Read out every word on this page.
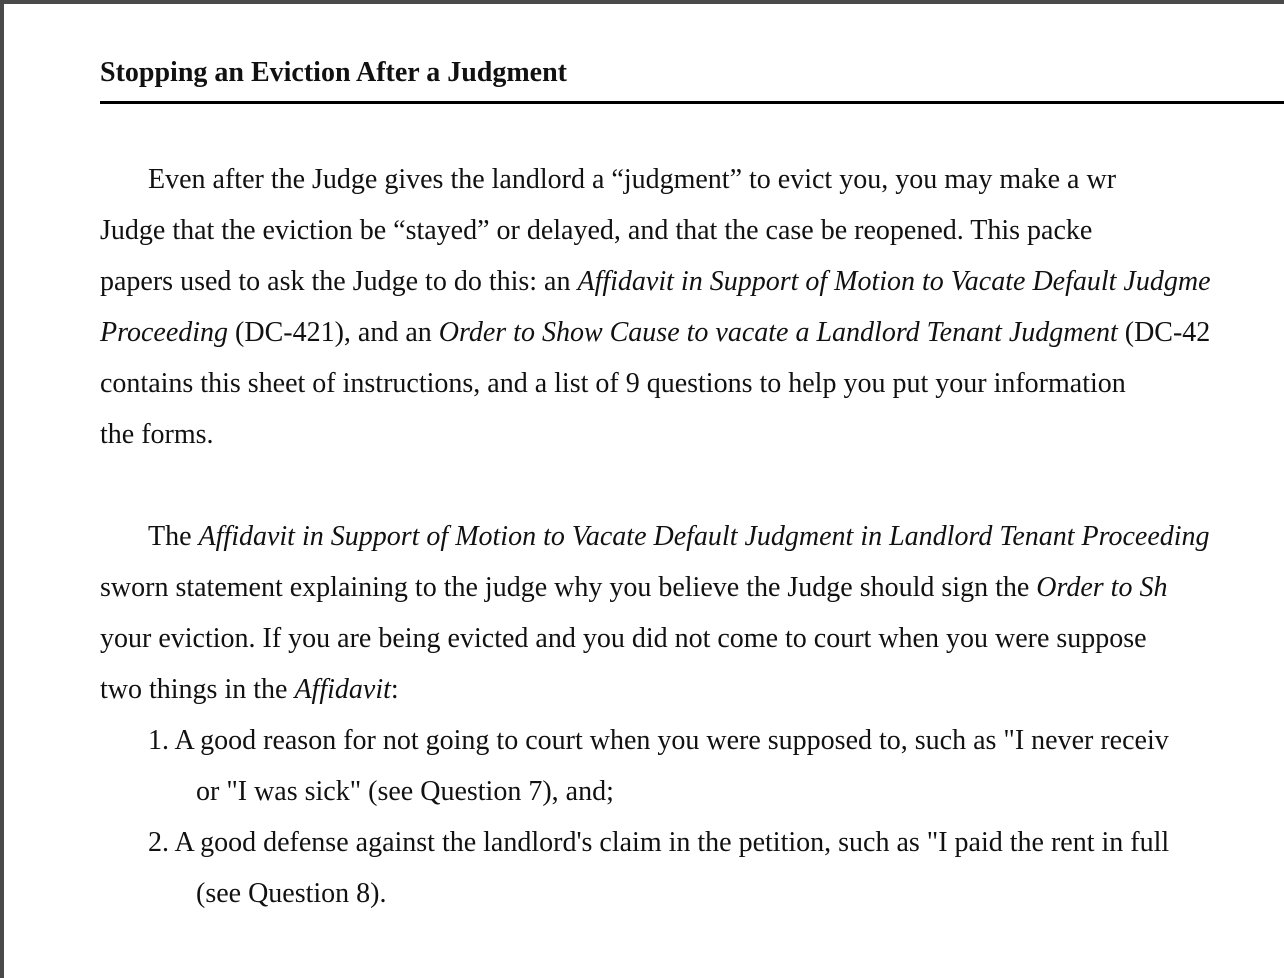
Stopping an Eviction After a Judgment
Even after the Judge gives the landlord a “judgment” to evict you, you may make a wr
Judge that the eviction be “stayed” or delayed, and that the case be reopened. This packe
papers used to ask the Judge to do this: an Affidavit in Support of Motion to Vacate Default Judgme
Proceeding (DC-421), and an Order to Show Cause to vacate a Landlord Tenant Judgment (DC-42
contains this sheet of instructions, and a list of 9 questions to help you put your information
the forms.
The Affidavit in Support of Motion to Vacate Default Judgment in Landlord Tenant Proceeding
sworn statement explaining to the judge why you believe the Judge should sign the Order to Sh
your eviction. If you are being evicted and you did not come to court when you were suppose
two things in the Affidavit:
1. A good reason for not going to court when you were supposed to, such as "I never receiv
or "I was sick" (see Question 7), and;
2. A good defense against the landlord's claim in the petition, such as "I paid the rent in full
(see Question 8).
